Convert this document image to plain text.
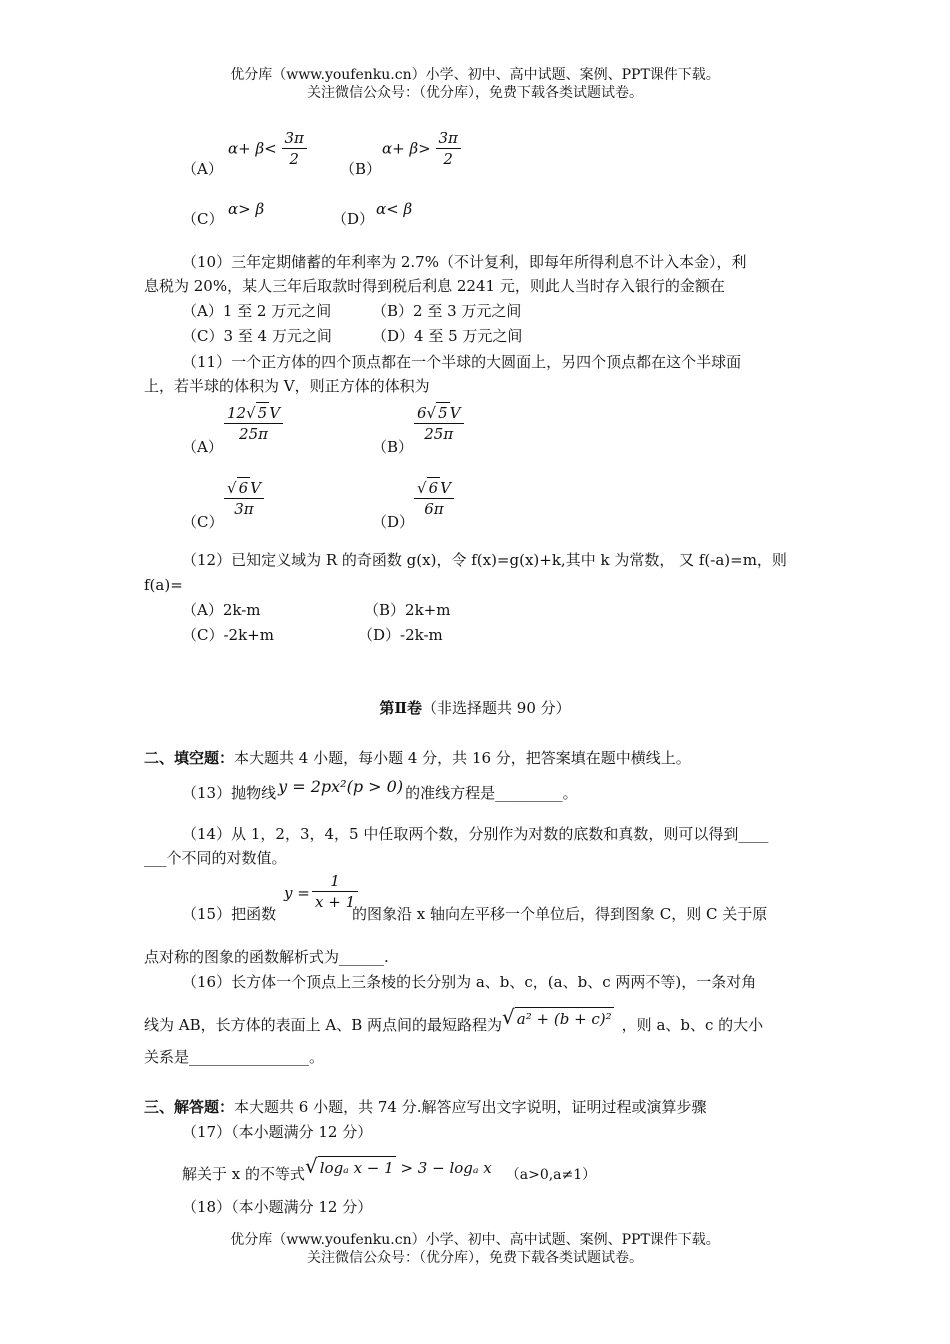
优分库（www.youfenku.cn）小学、初中、高中试题、案例、PPT课件下载。
关注微信公众号：（优分库），免费下载各类试题试卷。
（A）
$\alpha+ \beta< \frac{3\pi}{2} (B)$
$\alpha+ \beta> \frac{3\pi}{2}$
（C）
α> β
（D）
α< β
（10）三年定期储蓄的年利率为 2.7%（不计复利，即每年所得利息不计入本金），利
息税为 20%，某人三年后取款时得到税后利息 2241 元，则此人当时存入银行的金额在
（A）1 至 2 万元之间	（B）2 至 3 万元之间
（C）3 至 4 万元之间	（D）4 至 5 万元之间
（11）一个正方体的四个顶点都在一个半球的大圆面上，另四个顶点都在这个半球面
上，若半球的体积为 V，则正方体的体积为
（A）
$\frac{12√ 5 V}{25\pi}$
（B）
$\frac{6√ 5 V}{25\pi}$
（C）
$\frac{√ 6 V}{3\pi}$
（D）
$\frac{√ 6 V}{6\pi}$
（12）已知定义域为 R 的奇函数 g(x)，令 f(x)=g(x)+k,其中 k 为常数， 又 f(-a)=m，则
f(a)=
（A）2k-m	（B）2k+m
（C）-2k+m	（D）-2k-m
第Ⅱ卷（非选择题共 90 分）
二、填空题：本大题共 4 小题，每小题 4 分，共 16 分，把答案填在题中横线上。
（13）抛物线 y = 2px²(p > 0) 的准线方程是_________。
（14）从 1，2，3，4，5 中任取两个数，分别作为对数的底数和真数，则可以得到____
___个不同的对数值。
（15）把函数
$y = \frac{1}{x + 1}$
的图象沿 x 轴向左平移一个单位后，得到图象 C，则 C 关于原
点对称的图象的函数解析式为______.
（16）长方体一个顶点上三条棱的长分别为 a、b、c，(a、b、c 两两不等)，一条对角
线为 AB，长方体的表面上 A、B 两点间的最短路程为√ a² + (b + c)² ，则 a、b、c 的大小
关系是________________。
三、解答题：本大题共 6 小题，共 74 分.解答应写出文字说明，证明过程或演算步骤
（17）（本小题满分 12 分）
解关于 x 的不等式√ logₐ x − 1 > 3 − logₐ x （a>0,a≠1）
（18）（本小题满分 12 分）
优分库（www.youfenku.cn）小学、初中、高中试题、案例、PPT课件下载。
关注微信公众号：（优分库），免费下载各类试题试卷。
